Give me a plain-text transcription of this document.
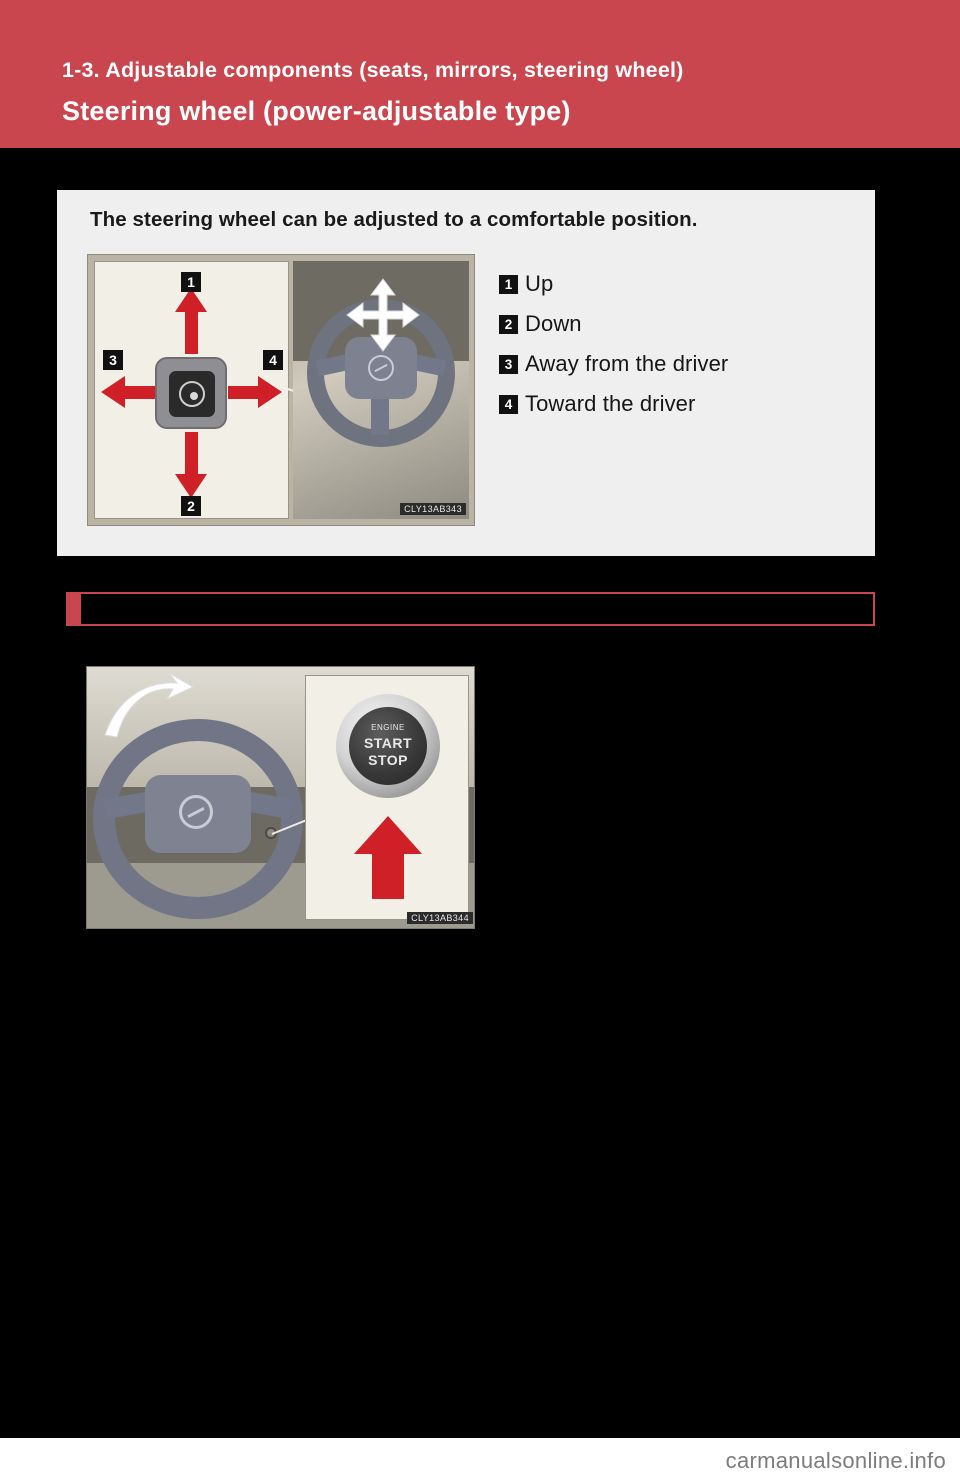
1-3. Adjustable components (seats, mirrors, steering wheel)
Steering wheel (power-adjustable type)
The steering wheel can be adjusted to a comfortable position.
1
2
3	4
CLY13AB343
1 Up
2 Down
3 Away from the driver
4 Toward the driver
ENGINE
START
STOP
CLY13AB344
carmanualsonline.info
